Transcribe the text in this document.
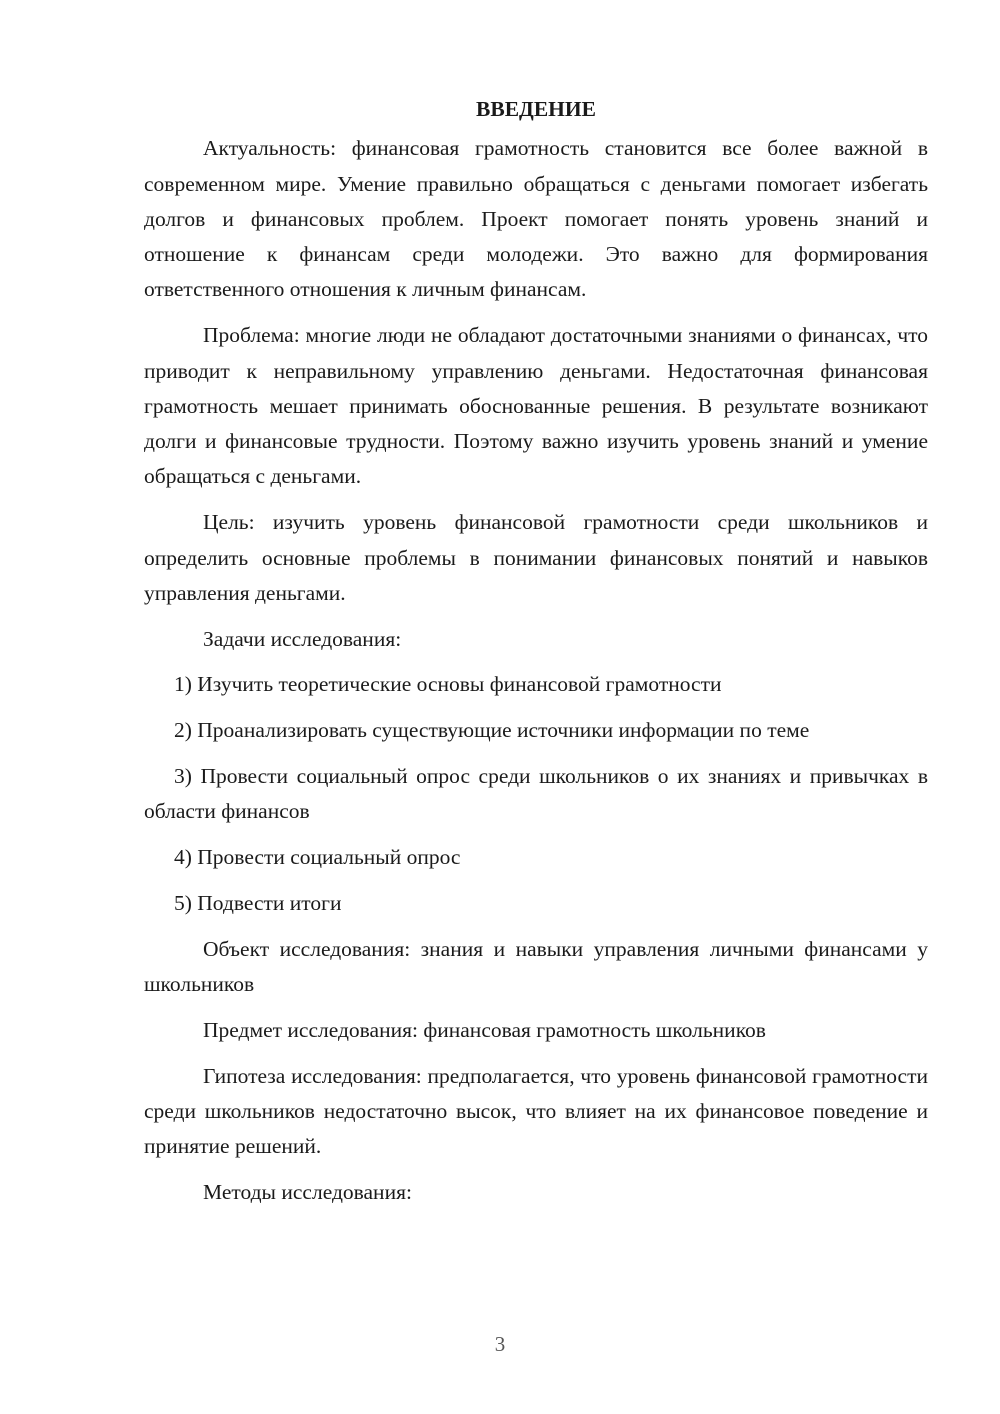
ВВЕДЕНИЕ

Актуальность: финансовая грамотность становится все более важной в современном мире. Умение правильно обращаться с деньгами помогает избегать долгов и финансовых проблем. Проект помогает понять уровень знаний и отношение к финансам среди молодежи. Это важно для формирования ответственного отношения к личным финансам.

Проблема: многие люди не обладают достаточными знаниями о финансах, что приводит к неправильному управлению деньгами. Недостаточная финансовая грамотность мешает принимать обоснованные решения. В результате возникают долги и финансовые трудности. Поэтому важно изучить уровень знаний и умение обращаться с деньгами.

Цель: изучить уровень финансовой грамотности среди школьников и определить основные проблемы в понимании финансовых понятий и навыков управления деньгами.

Задачи исследования:

1) Изучить теоретические основы финансовой грамотности

2) Проанализировать существующие источники информации по теме

3) Провести социальный опрос среди школьников о их знаниях и привычках в области финансов

4) Провести социальный опрос

5) Подвести итоги

Объект исследования: знания и навыки управления личными финансами у школьников

Предмет исследования: финансовая грамотность школьников

Гипотеза исследования: предполагается, что уровень финансовой грамотности среди школьников недостаточно высок, что влияет на их финансовое поведение и принятие решений.

Методы исследования:

3
